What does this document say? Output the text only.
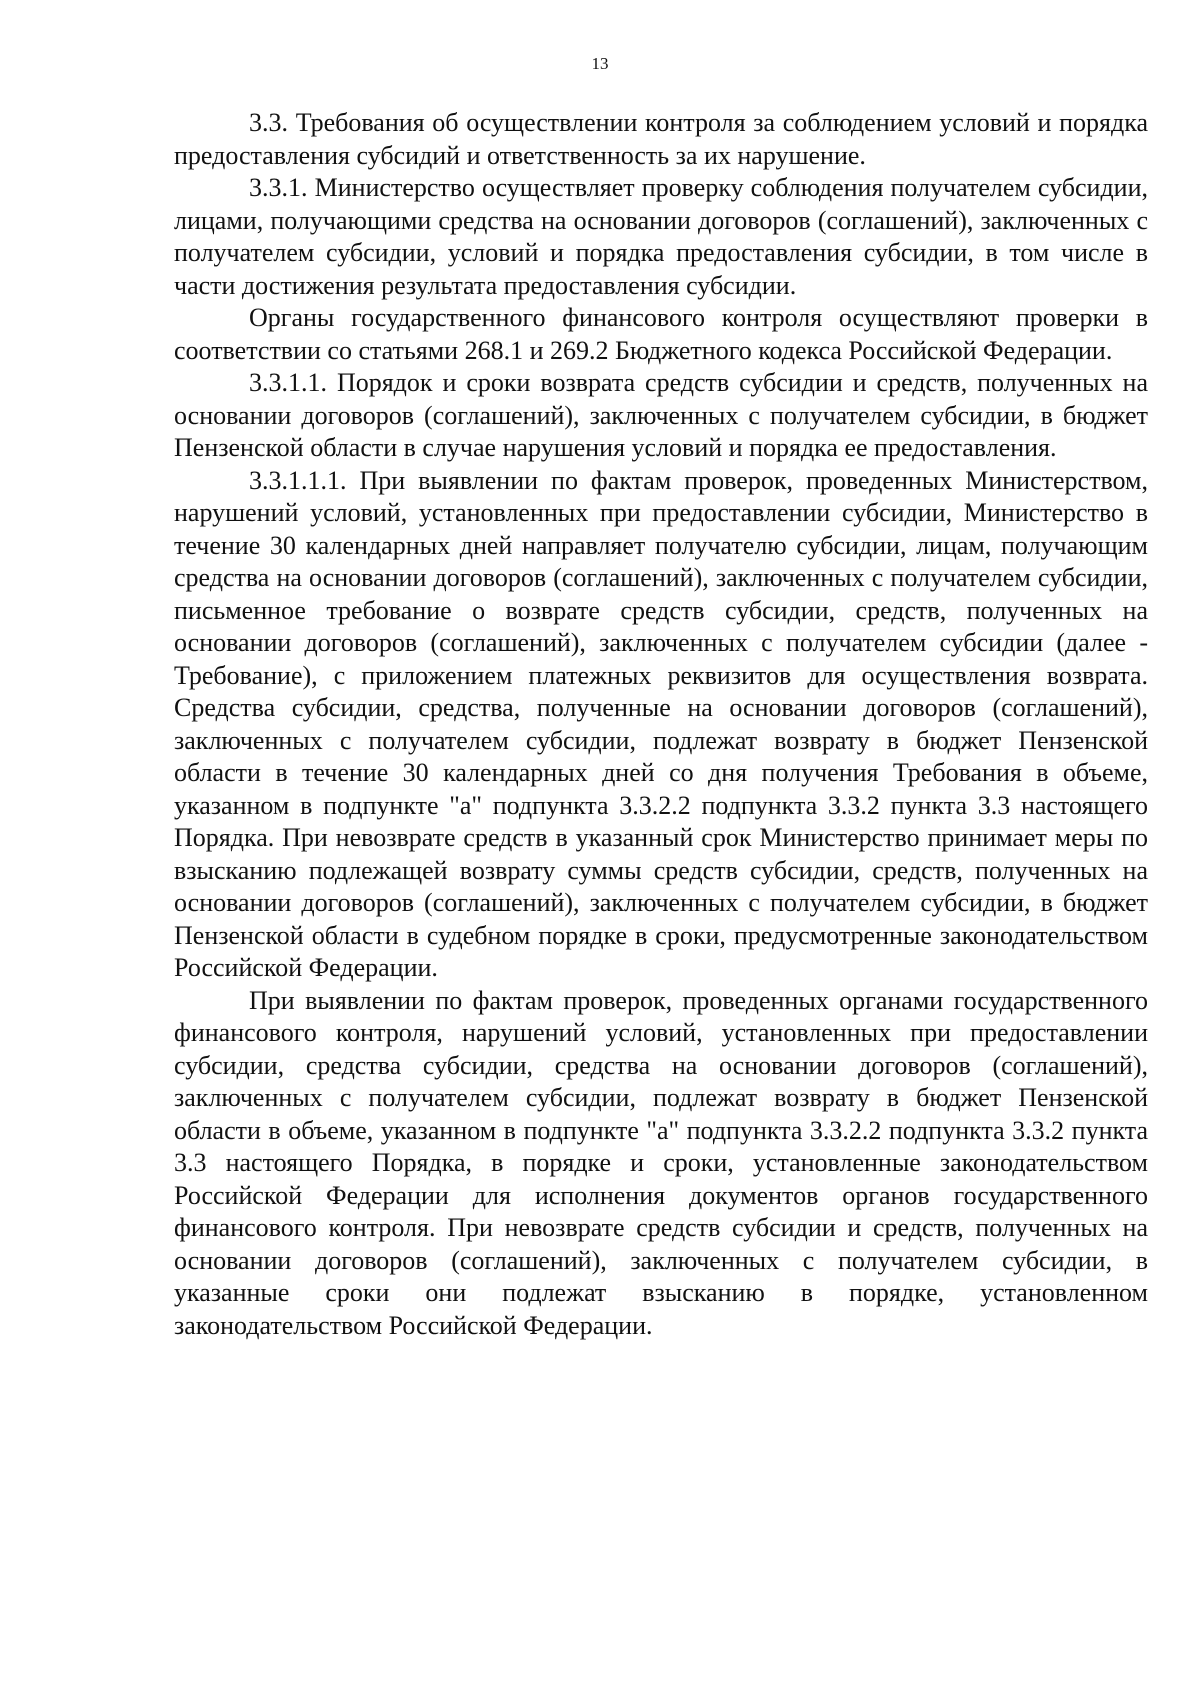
13

3.3. Требования об осуществлении контроля за соблюдением условий и порядка предоставления субсидий и ответственность за их нарушение.

3.3.1. Министерство осуществляет проверку соблюдения получателем субсидии, лицами, получающими средства на основании договоров (соглашений), заключенных с получателем субсидии, условий и порядка предоставления субсидии, в том числе в части достижения результата предоставления субсидии.

Органы государственного финансового контроля осуществляют проверки в соответствии со статьями 268.1 и 269.2 Бюджетного кодекса Российской Федерации.

3.3.1.1. Порядок и сроки возврата средств субсидии и средств, полученных на основании договоров (соглашений), заключенных с получателем субсидии, в бюджет Пензенской области в случае нарушения условий и порядка ее предоставления.

3.3.1.1.1. При выявлении по фактам проверок, проведенных Министерством, нарушений условий, установленных при предоставлении субсидии, Министерство в течение 30 календарных дней направляет получателю субсидии, лицам, получающим средства на основании договоров (соглашений), заключенных с получателем субсидии, письменное требование о возврате средств субсидии, средств, полученных на основании договоров (соглашений), заключенных с получателем субсидии (далее - Требование), с приложением платежных реквизитов для осуществления возврата. Средства субсидии, средства, полученные на основании договоров (соглашений), заключенных с получателем субсидии, подлежат возврату в бюджет Пензенской области в течение 30 календарных дней со дня получения Требования в объеме, указанном в подпункте "а" подпункта 3.3.2.2 подпункта 3.3.2 пункта 3.3 настоящего Порядка. При невозврате средств в указанный срок Министерство принимает меры по взысканию подлежащей возврату суммы средств субсидии, средств, полученных на основании договоров (соглашений), заключенных с получателем субсидии, в бюджет Пензенской области в судебном порядке в сроки, предусмотренные законодательством Российской Федерации.

При выявлении по фактам проверок, проведенных органами государственного финансового контроля, нарушений условий, установленных при предоставлении субсидии, средства субсидии, средства на основании договоров (соглашений), заключенных с получателем субсидии, подлежат возврату в бюджет Пензенской области в объеме, указанном в подпункте "а" подпункта 3.3.2.2 подпункта 3.3.2 пункта 3.3 настоящего Порядка, в порядке и сроки, установленные законодательством Российской Федерации для исполнения документов органов государственного финансового контроля. При невозврате средств субсидии и средств, полученных на основании договоров (соглашений), заключенных с получателем субсидии, в указанные сроки они подлежат взысканию в порядке, установленном законодательством Российской Федерации.
